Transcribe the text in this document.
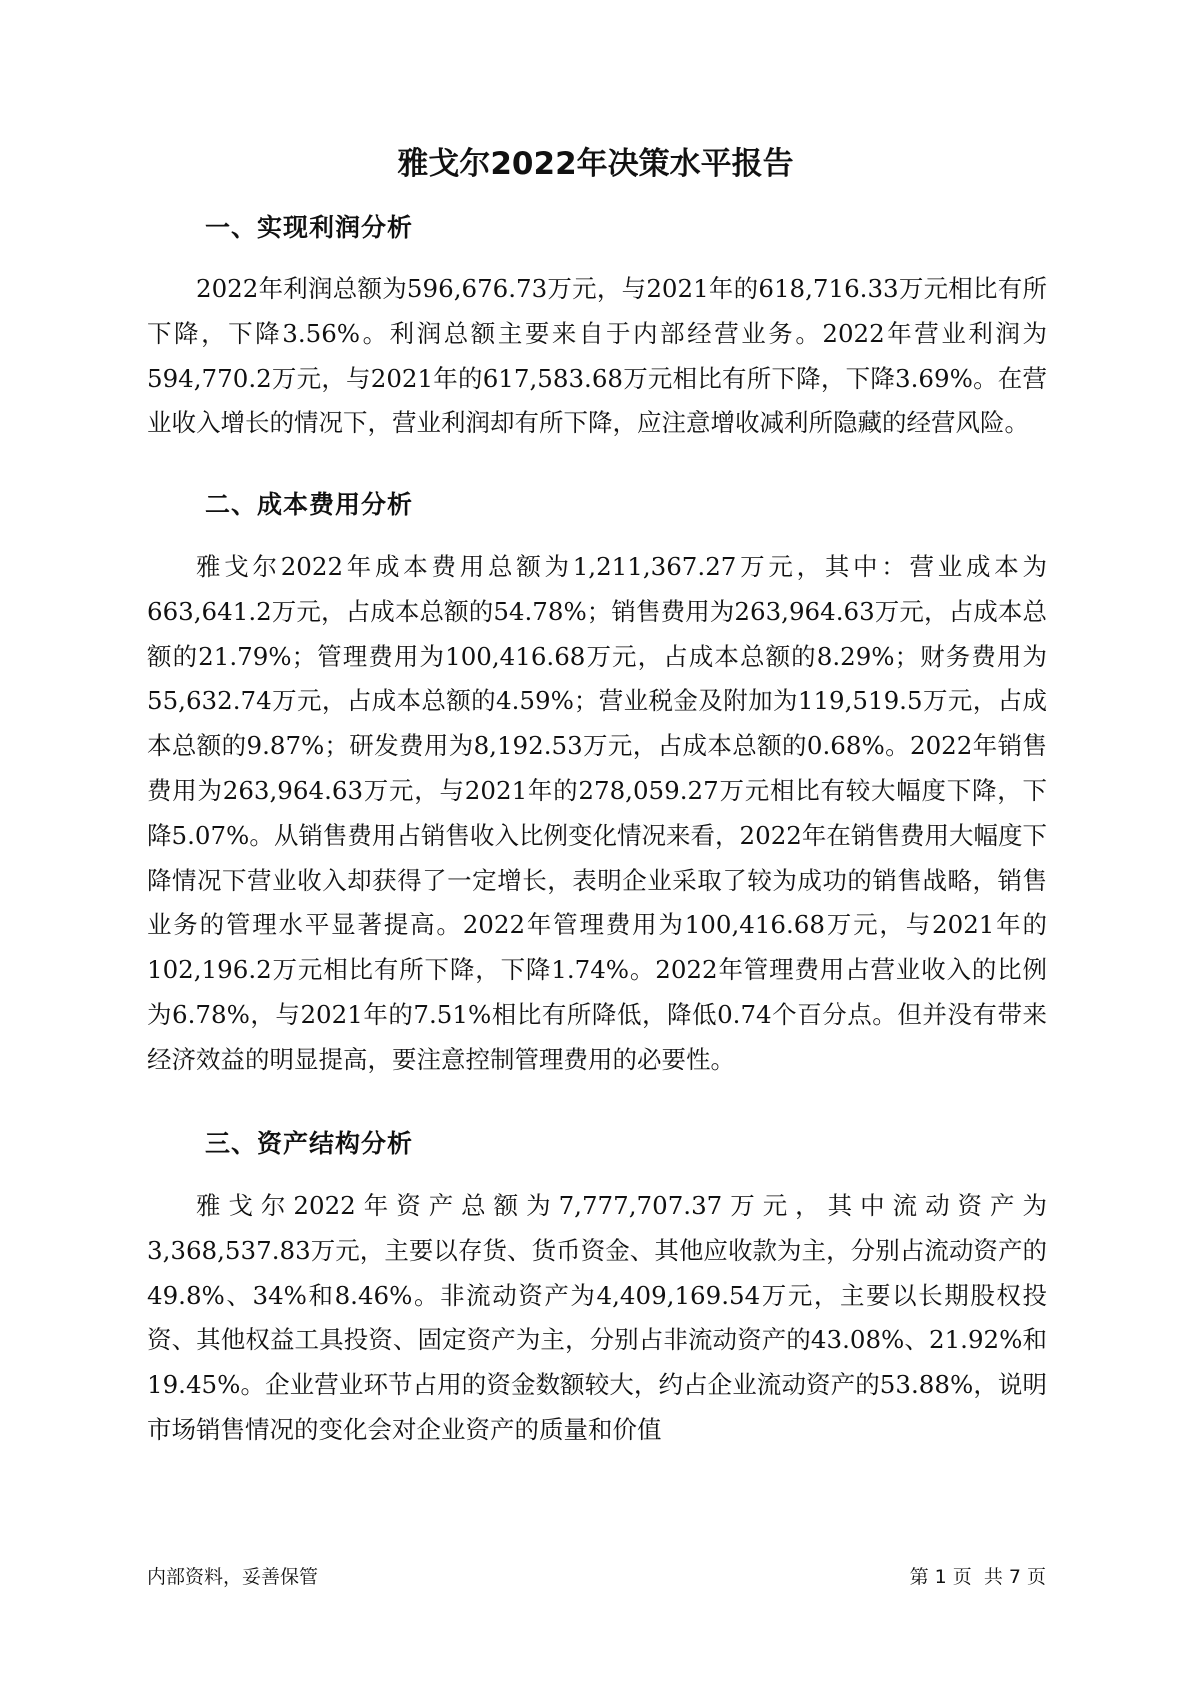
雅戈尔2022年决策水平报告
一、实现利润分析

2022年利润总额为596,676.73万元，与2021年的618,716.33万元相比有所下降，下降3.56%。利润总额主要来自于内部经营业务。2022年营业利润为594,770.2万元，与2021年的617,583.68万元相比有所下降，下降3.69%。在营业收入增长的情况下，营业利润却有所下降，应注意增收减利所隐藏的经营风险。

二、成本费用分析

雅戈尔2022年成本费用总额为1,211,367.27万元，其中：营业成本为663,641.2万元，占成本总额的54.78%；销售费用为263,964.63万元，占成本总额的21.79%；管理费用为100,416.68万元，占成本总额的8.29%；财务费用为55,632.74万元，占成本总额的4.59%；营业税金及附加为119,519.5万元，占成本总额的9.87%；研发费用为8,192.53万元，占成本总额的0.68%。2022年销售费用为263,964.63万元，与2021年的278,059.27万元相比有较大幅度下降，下降5.07%。从销售费用占销售收入比例变化情况来看，2022年在销售费用大幅度下降情况下营业收入却获得了一定增长，表明企业采取了较为成功的销售战略，销售业务的管理水平显著提高。2022年管理费用为100,416.68万元，与2021年的102,196.2万元相比有所下降，下降1.74%。2022年管理费用占营业收入的比例为6.78%，与2021年的7.51%相比有所降低，降低0.74个百分点。但并没有带来经济效益的明显提高，要注意控制管理费用的必要性。

三、资产结构分析

雅戈尔2022年资产总额为7,777,707.37万元，其中流动资产为3,368,537.83万元，主要以存货、货币资金、其他应收款为主，分别占流动资产的49.8%、34%和8.46%。非流动资产为4,409,169.54万元，主要以长期股权投资、其他权益工具投资、固定资产为主，分别占非流动资产的43.08%、21.92%和19.45%。企业营业环节占用的资金数额较大，约占企业流动资产的53.88%，说明市场销售情况的变化会对企业资产的质量和价值

内部资料，妥善保管	第 1 页  共 7 页
